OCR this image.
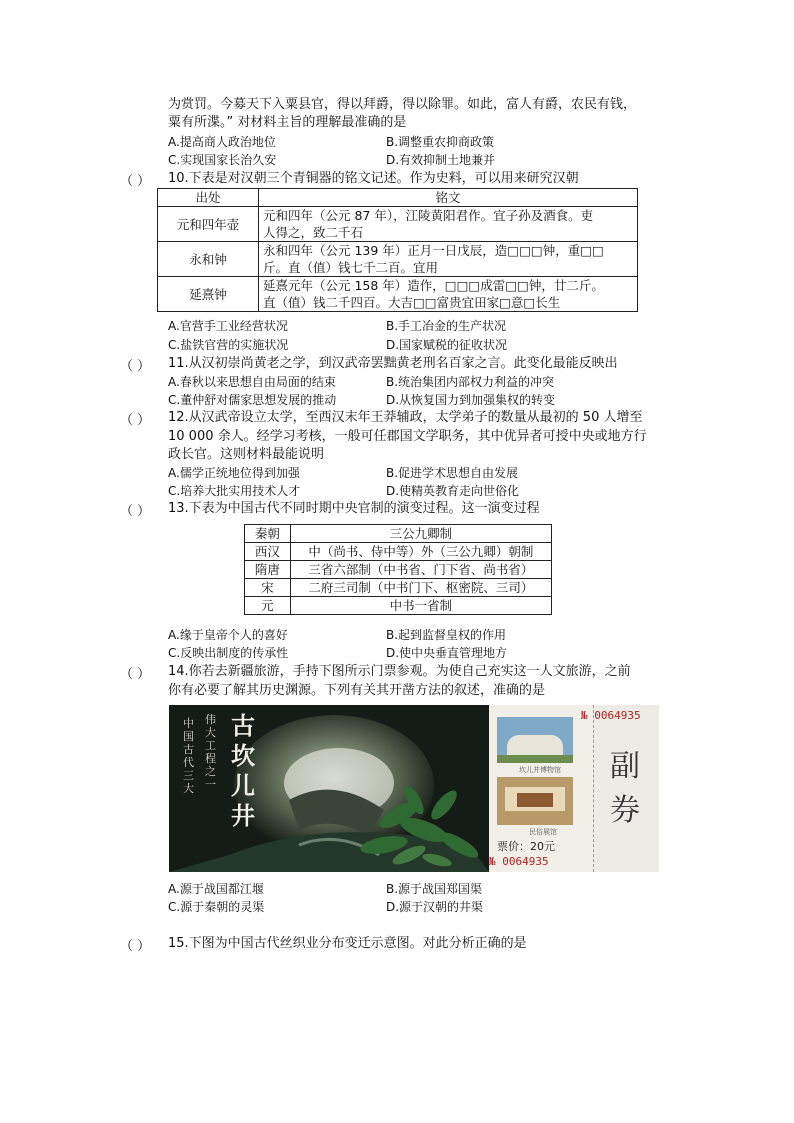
为赏罚。今募天下入粟县官，得以拜爵，得以除罪。如此，富人有爵，农民有钱，
粟有所渫。” 对材料主旨的理解最准确的是
A.提高商人政治地位	B.调整重农抑商政策
C.实现国家长治久安	D.有效抑制土地兼并
（ ） 10.下表是对汉朝三个青铜器的铭文记述。作为史料，可以用来研究汉朝
出处	铭文
元和四年壶	元和四年（公元 87 年），江陵黄阳君作。宜子孙及酒食。吏
人得之，致二千石

永和钟	永和四年（公元 139 年）正月一日戊辰，造□□□钟，重□□
斤。直（值）钱七千二百。宜用

延熹钟	延熹元年（公元 158 年）造作，□□□成雷□□钟，廿二斤。
直（值）钱二千四百。大吉□□富贵宜田家□意□长生
A.官营手工业经营状况	B.手工冶金的生产状况
C.盐铁官营的实施状况	D.国家赋税的征收状况
（ ） 11.从汉初崇尚黄老之学，到汉武帝罢黜黄老刑名百家之言。此变化最能反映出
A.春秋以来思想自由局面的结束	B.统治集团内部权力利益的冲突
C.董仲舒对儒家思想发展的推动	D.从恢复国力到加强集权的转变
（ ） 12.从汉武帝设立太学，至西汉末年王莽辅政，太学弟子的数量从最初的 50 人增至
10 000 余人。经学习考核，一般可任郡国文学职务，其中优异者可授中央或地方行
政长官。这则材料最能说明
A.儒学正统地位得到加强	B.促进学术思想自由发展
C.培养大批实用技术人才	D.使精英教育走向世俗化
（ ） 13.下表为中国古代不同时期中央官制的演变过程。这一演变过程
秦朝	三公九卿制
西汉	中（尚书、侍中等）外（三公九卿）朝制
隋唐	三省六部制（中书省、门下省、尚书省）
宋	二府三司制（中书门下、枢密院、三司）
元	中书一省制
A.缘于皇帝个人的喜好	B.起到监督皇权的作用
C.反映出制度的传承性	D.使中央垂直管理地方
（ ） 14.你若去新疆旅游，手持下图所示门票参观。为使自己充实这一人文旅游，之前
你有必要了解其历史渊源。下列有关其开凿方法的叙述，准确的是
中国古代三大
伟大工程之一
古坎儿井
坎儿井博物馆
民俗展馆
票价：20元
№ 0064935
№ 0064935
副券
A.源于战国都江堰	B.源于战国郑国渠
C.源于秦朝的灵渠	D.源于汉朝的井渠
（ ） 15.下图为中国古代丝织业分布变迁示意图。对此分析正确的是
